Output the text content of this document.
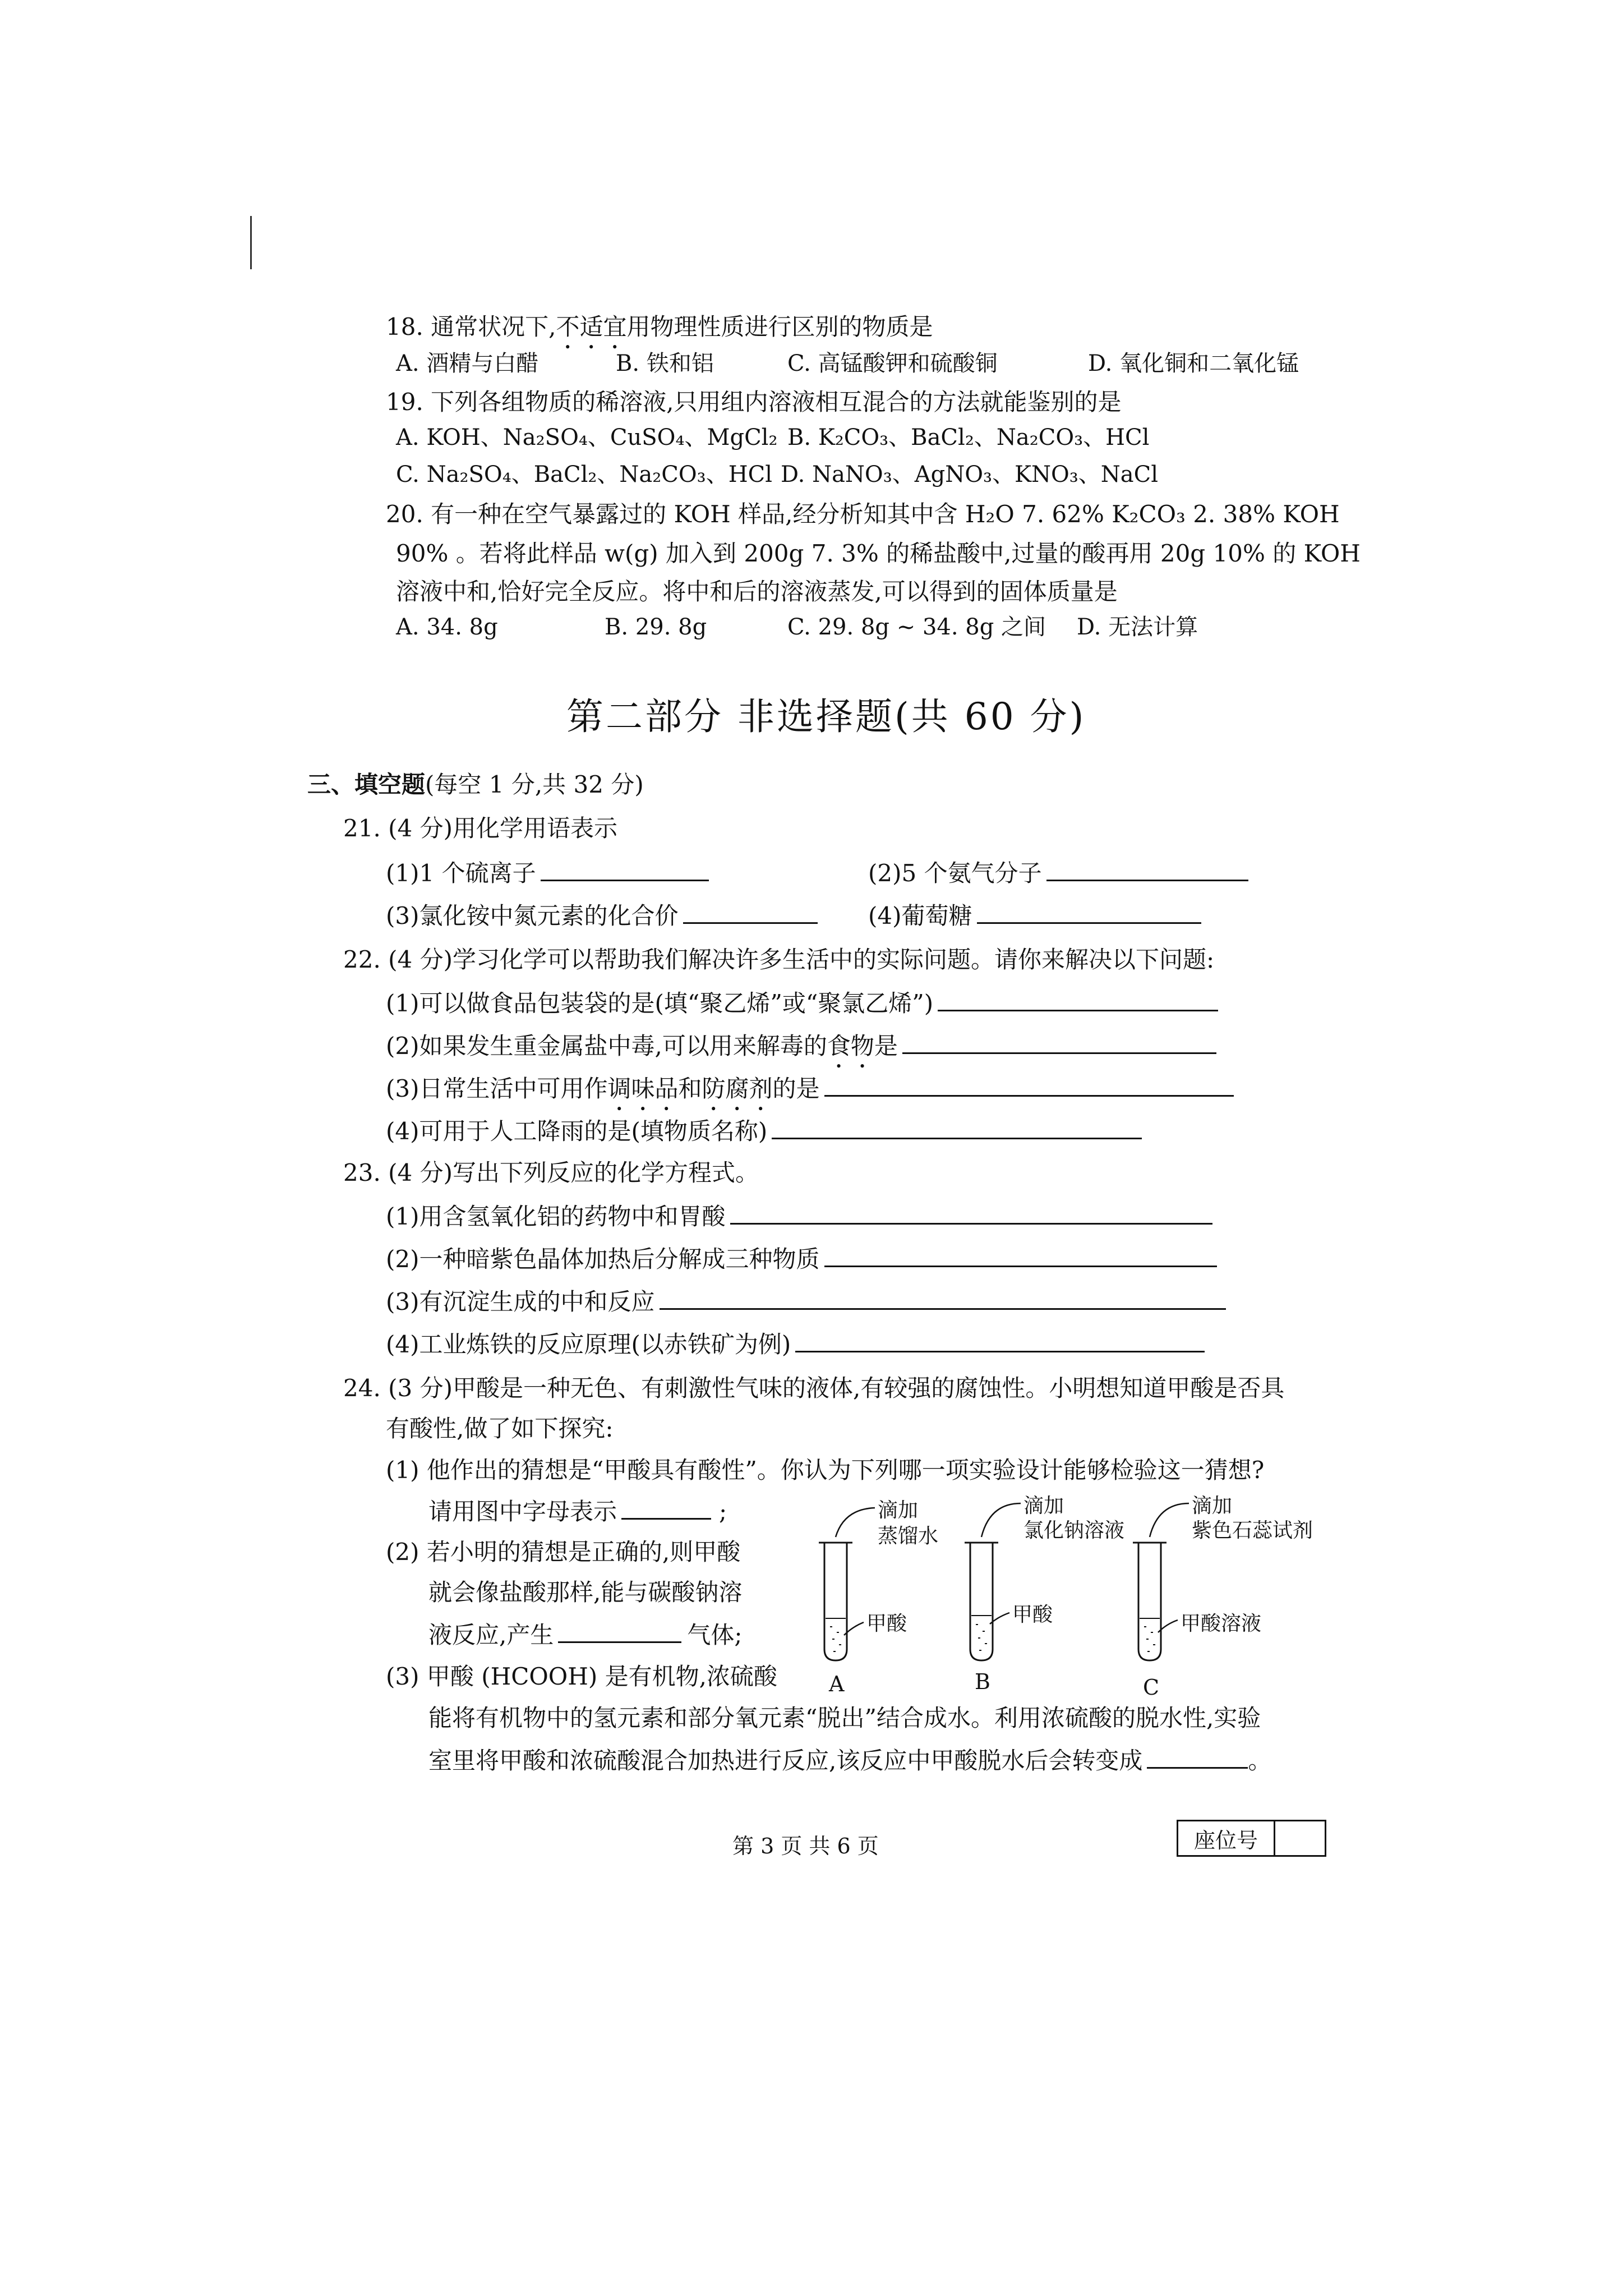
18. 通常状况下,不适宜用物理性质进行区别的物质是
A. 酒精与白醋	B. 铁和铝	C. 高锰酸钾和硫酸铜	D. 氧化铜和二氧化锰
19. 下列各组物质的稀溶液,只用组内溶液相互混合的方法就能鉴别的是
A. KOH、Na₂SO₄、CuSO₄、MgCl₂ B. K₂CO₃、BaCl₂、Na₂CO₃、HCl
C. Na₂SO₄、BaCl₂、Na₂CO₃、HCl D. NaNO₃、AgNO₃、KNO₃、NaCl
20. 有一种在空气暴露过的 KOH 样品,经分析知其中含 H₂O 7. 62% K₂CO₃ 2. 38% KOH
90% 。若将此样品 w(g) 加入到 200g 7. 3% 的稀盐酸中,过量的酸再用 20g 10% 的 KOH
溶液中和,恰好完全反应。将中和后的溶液蒸发,可以得到的固体质量是
A. 34. 8g	B. 29. 8g	C. 29. 8g ~ 34. 8g 之间 D. 无法计算
第二部分 非选择题(共 60 分)
三、填空题(每空 1 分,共 32 分)
21. (4 分)用化学用语表示
(1)1 个硫离子	(2)5 个氨气分子
(3)氯化铵中氮元素的化合价	(4)葡萄糖
22. (4 分)学习化学可以帮助我们解决许多生活中的实际问题。请你来解决以下问题:
(1)可以做食品包装袋的是(填“聚乙烯”或“聚氯乙烯”)
(2)如果发生重金属盐中毒,可以用来解毒的食物是
(3)日常生活中可用作调味品和防腐剂的是
(4)可用于人工降雨的是(填物质名称)
23. (4 分)写出下列反应的化学方程式。
(1)用含氢氧化铝的药物中和胃酸
(2)一种暗紫色晶体加热后分解成三种物质
(3)有沉淀生成的中和反应
(4)工业炼铁的反应原理(以赤铁矿为例)
24. (3 分)甲酸是一种无色、有刺激性气味的液体,有较强的腐蚀性。小明想知道甲酸是否具
有酸性,做了如下探究:
(1) 他作出的猜想是“甲酸具有酸性”。你认为下列哪一项实验设计能够检验这一猜想?
请用图中字母表示	;
(2) 若小明的猜想是正确的,则甲酸
就会像盐酸那样,能与碳酸钠溶
液反应,产生	气体;
(3) 甲酸 (HCOOH) 是有机物,浓硫酸
能将有机物中的氢元素和部分氧元素“脱出”结合成水。利用浓硫酸的脱水性,实验
室里将甲酸和浓硫酸混合加热进行反应,该反应中甲酸脱水后会转变成	。
滴加
蒸馏水
甲酸
A
滴加
氯化钠溶液
甲酸
B
滴加
紫色石蕊试剂
甲酸溶液
C
第 3 页 共 6 页	座位号
